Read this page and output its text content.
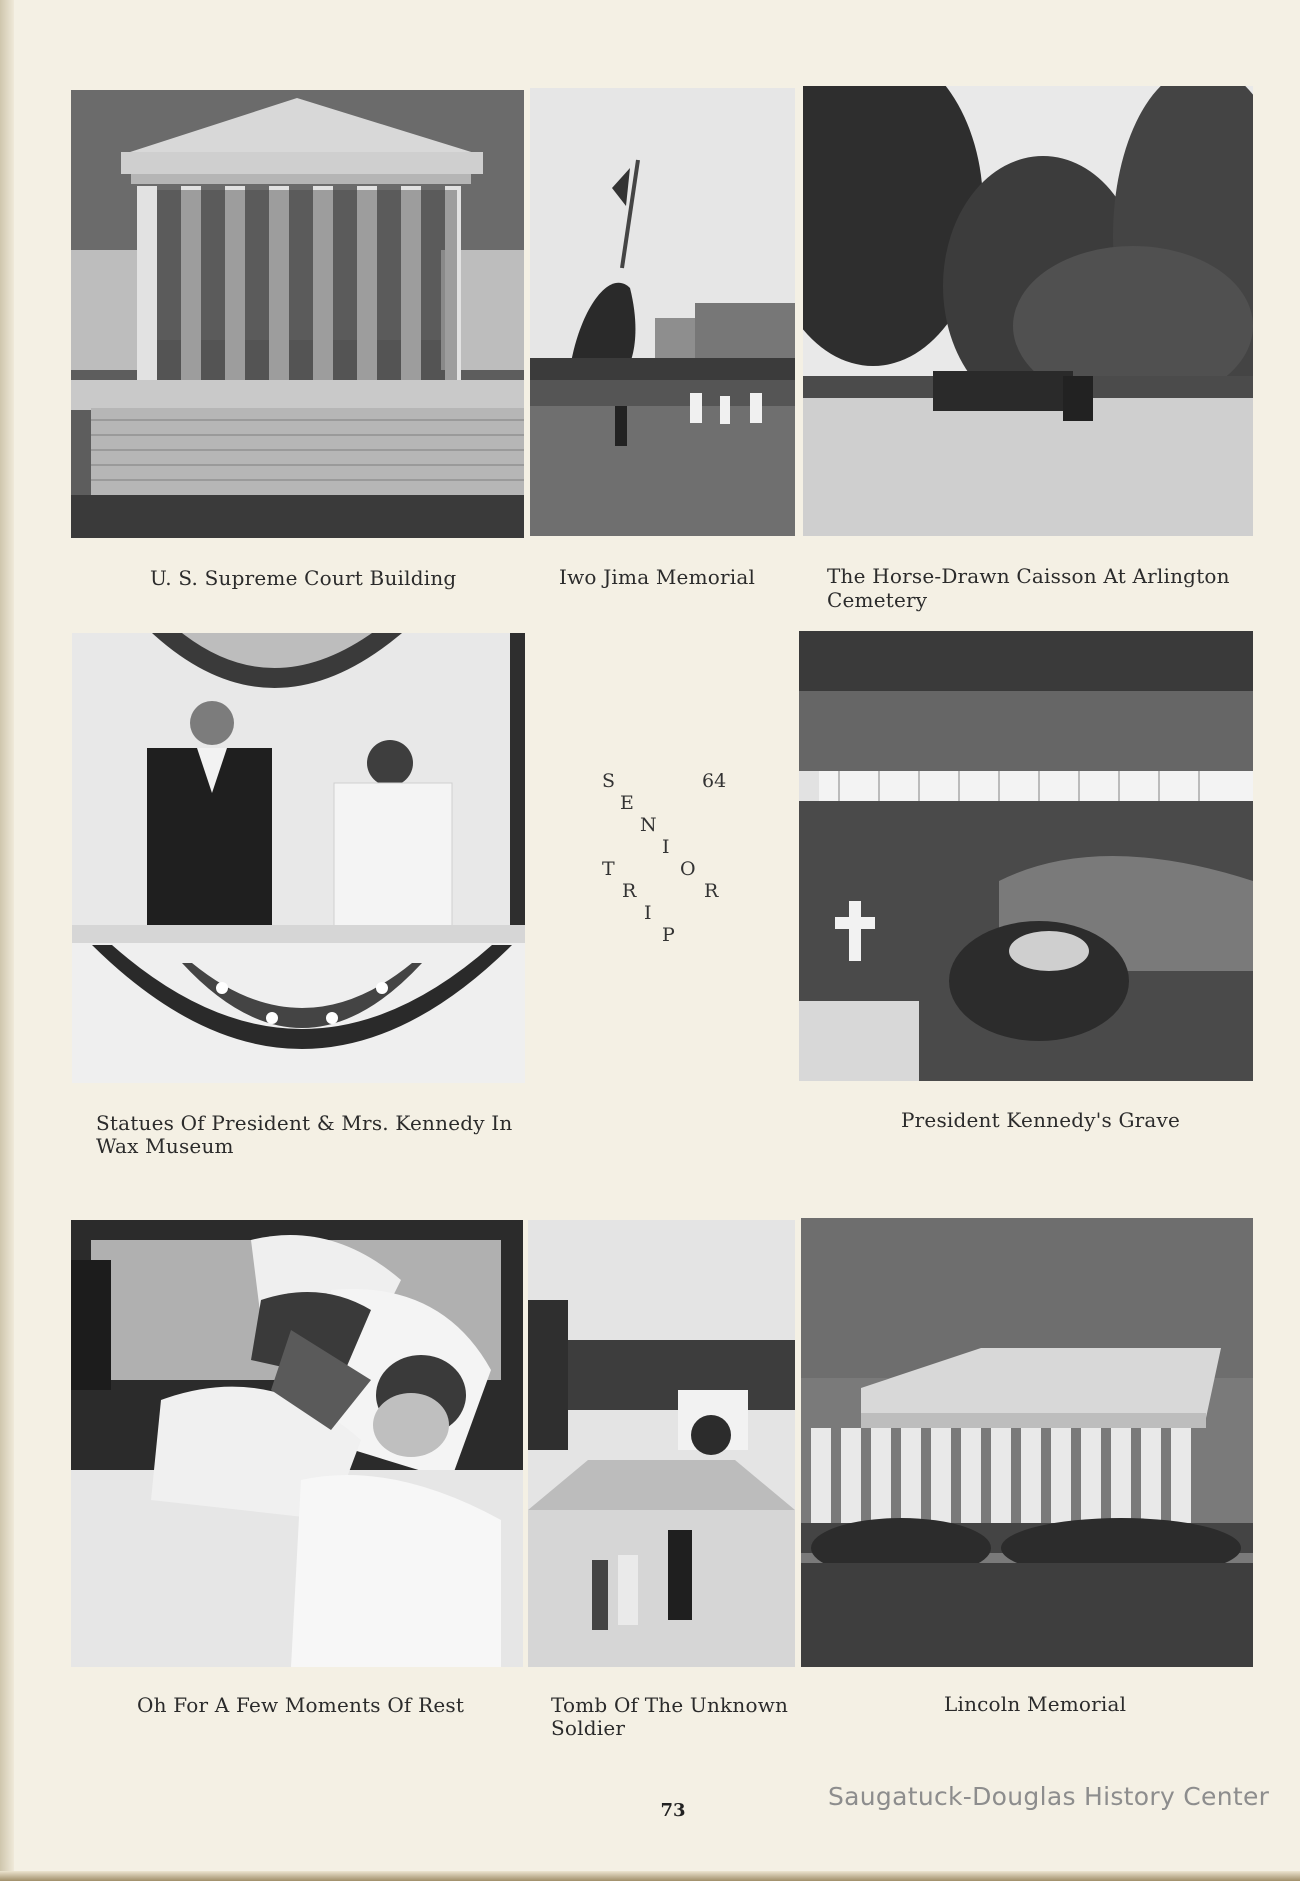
U. S. Supreme Court Building	Iwo Jima Memorial	The Horse-Drawn Caisson At Arlington
Cemetery
S
E
N
I
O
R
T
R
I
P
64
Statues Of President & Mrs. Kennedy In
Wax Museum
President Kennedy's Grave
Oh For A Few Moments Of Rest	Tomb Of The Unknown
Soldier
Lincoln Memorial
73	Saugatuck-Douglas History Center
